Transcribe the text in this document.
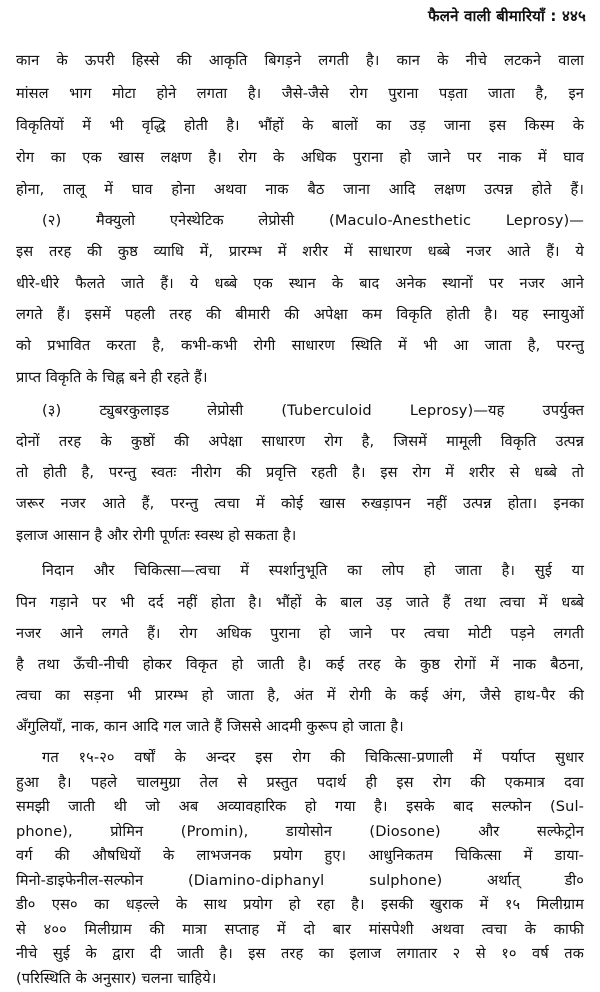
फैलने वाली बीमारियाँ : ४४५
कान के ऊपरी हिस्से की आकृति बिगड़ने लगती है। कान के नीचे लटकने वाला
मांसल भाग मोटा होने लगता है। जैसे-जैसे रोग पुराना पड़ता जाता है, इन
विकृतियों में भी वृद्धि होती है। भौंहों के बालों का उड़ जाना इस किस्म के
रोग का एक खास लक्षण है। रोग के अधिक पुराना हो जाने पर नाक में घाव
होना, तालू में घाव होना अथवा नाक बैठ जाना आदि लक्षण उत्पन्न होते हैं।
(२) मैक्युलो एनेस्थेटिक लेप्रोसी (Maculo-Anesthetic Leprosy)—
इस तरह की कुष्ठ व्याधि में, प्रारम्भ में शरीर में साधारण धब्बे नजर आते हैं। ये
धीरे-धीरे फैलते जाते हैं। ये धब्बे एक स्थान के बाद अनेक स्थानों पर नजर आने
लगते हैं। इसमें पहली तरह की बीमारी की अपेक्षा कम विकृति होती है। यह स्नायुओं
को प्रभावित करता है, कभी-कभी रोगी साधारण स्थिति में भी आ जाता है, परन्तु
प्राप्त विकृति के चिह्न बने ही रहते हैं।
(३) ट्युबरकुलाइड लेप्रोसी (Tuberculoid Leprosy)—यह उपर्युक्त
दोनों तरह के कुष्ठों की अपेक्षा साधारण रोग है, जिसमें मामूली विकृति उत्पन्न
तो होती है, परन्तु स्वतः नीरोग की प्रवृत्ति रहती है। इस रोग में शरीर से धब्बे तो
जरूर नजर आते हैं, परन्तु त्वचा में कोई खास रुखड़ापन नहीं उत्पन्न होता। इनका
इलाज आसान है और रोगी पूर्णतः स्वस्थ हो सकता है।
निदान और चिकित्सा—त्वचा में स्पर्शानुभूति का लोप हो जाता है। सुई या
पिन गड़ाने पर भी दर्द नहीं होता है। भौंहों के बाल उड़ जाते हैं तथा त्वचा में धब्बे
नजर आने लगते हैं। रोग अधिक पुराना हो जाने पर त्वचा मोटी पड़ने लगती
है तथा ऊँची-नीची होकर विकृत हो जाती है। कई तरह के कुष्ठ रोगों में नाक बैठना,
त्वचा का सड़ना भी प्रारम्भ हो जाता है, अंत में रोगी के कई अंग, जैसे हाथ-पैर की
अँगुलियाँ, नाक, कान आदि गल जाते हैं जिससे आदमी कुरूप हो जाता है।
गत १५-२० वर्षों के अन्दर इस रोग की चिकित्सा-प्रणाली में पर्याप्त सुधार
हुआ है। पहले चालमुग्रा तेल से प्रस्तुत पदार्थ ही इस रोग की एकमात्र दवा
समझी जाती थी जो अब अव्यावहारिक हो गया है। इसके बाद सल्फोन (Sul-
phone), प्रोमिन (Promin), डायोसोन (Diosone) और सल्फेट्रोन
वर्ग की औषधियों के लाभजनक प्रयोग हुए। आधुनिकतम चिकित्सा में डाया-
मिनो-डाइफेनील-सल्फोन (Diamino-diphanyl sulphone) अर्थात् डी०
डी० एस० का धड़ल्ले के साथ प्रयोग हो रहा है। इसकी खुराक में १५ मिलीग्राम
से ४०० मिलीग्राम की मात्रा सप्ताह में दो बार मांसपेशी अथवा त्वचा के काफी
नीचे सुई के द्वारा दी जाती है। इस तरह का इलाज लगातार २ से १० वर्ष तक
(परिस्थिति के अनुसार) चलना चाहिये।
